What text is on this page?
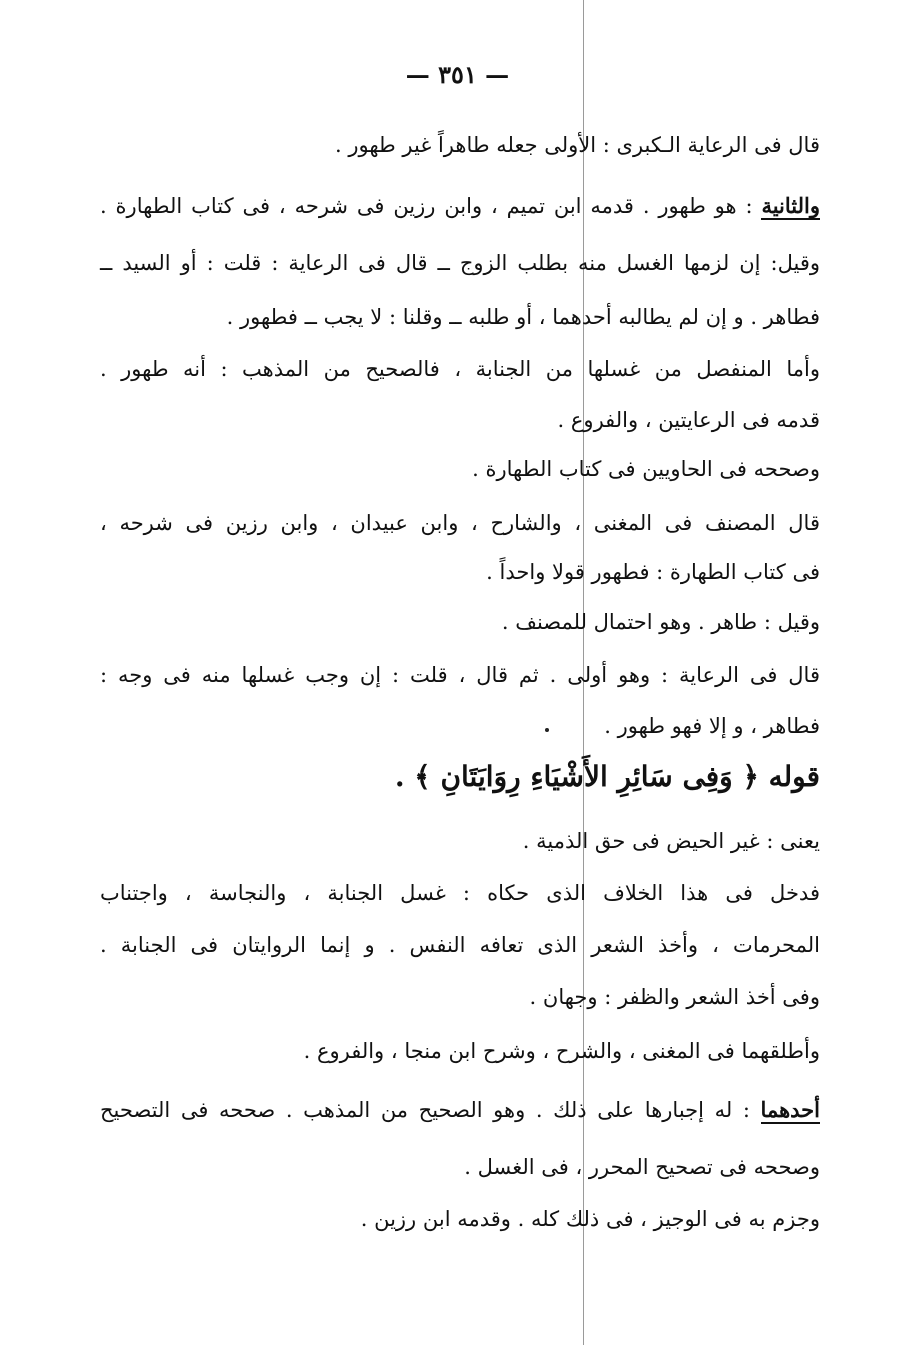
— ٣٥١ —
قال فى الرعاية الـكبرى : الأولى جعله طاهراً غير طهور .
والثانية : هو طهور . قدمه ابن تميم ، وابن رزين فى شرحه ، فى كتاب الطهارة .
وقيل: إن لزمها الغسل منه بطلب الزوج ــ قال فى الرعاية : قلت : أو السيد ــ
فطاهر . و إن لم يطالبه أحدهما ، أو طلبه ــ وقلنا : لا يجب ــ فطهور .
وأما المنفصل من غسلها من الجنابة ، فالصحيح من المذهب : أنه طهور .
قدمه فى الرعايتين ، والفروع .
وصححه فى الحاويين فى كتاب الطهارة .
قال المصنف فى المغنى ، والشارح ، وابن عبيدان ، وابن رزين فى شرحه ،
فى كتاب الطهارة : فطهور قولا واحداً .
وقيل : طاهر . وهو احتمال للمصنف .
قال فى الرعاية : وهو أولى . ثم قال ، قلت : إن وجب غسلها منه فى وجه :
فطاهر ، و إلا فهو طهور .
قوله ﴿ وَفِى سَائِرِ الأَشْيَاءِ رِوَايَتَانِ ﴾ .
يعنى : غير الحيض فى حق الذمية .
فدخل فى هذا الخلاف الذى حكاه : غسل الجنابة ، والنجاسة ، واجتناب
المحرمات ، وأخذ الشعر الذى تعافه النفس . و إنما الروايتان فى الجنابة .
وفى أخذ الشعر والظفر : وجهان .
وأطلقهما فى المغنى ، والشرح ، وشرح ابن منجا ، والفروع .
أحدهما : له إجبارها على ذلك . وهو الصحيح من المذهب . صححه فى التصحيح
وصححه فى تصحيح المحرر ، فى الغسل .
وجزم به فى الوجيز ، فى ذلك كله . وقدمه ابن رزين .
